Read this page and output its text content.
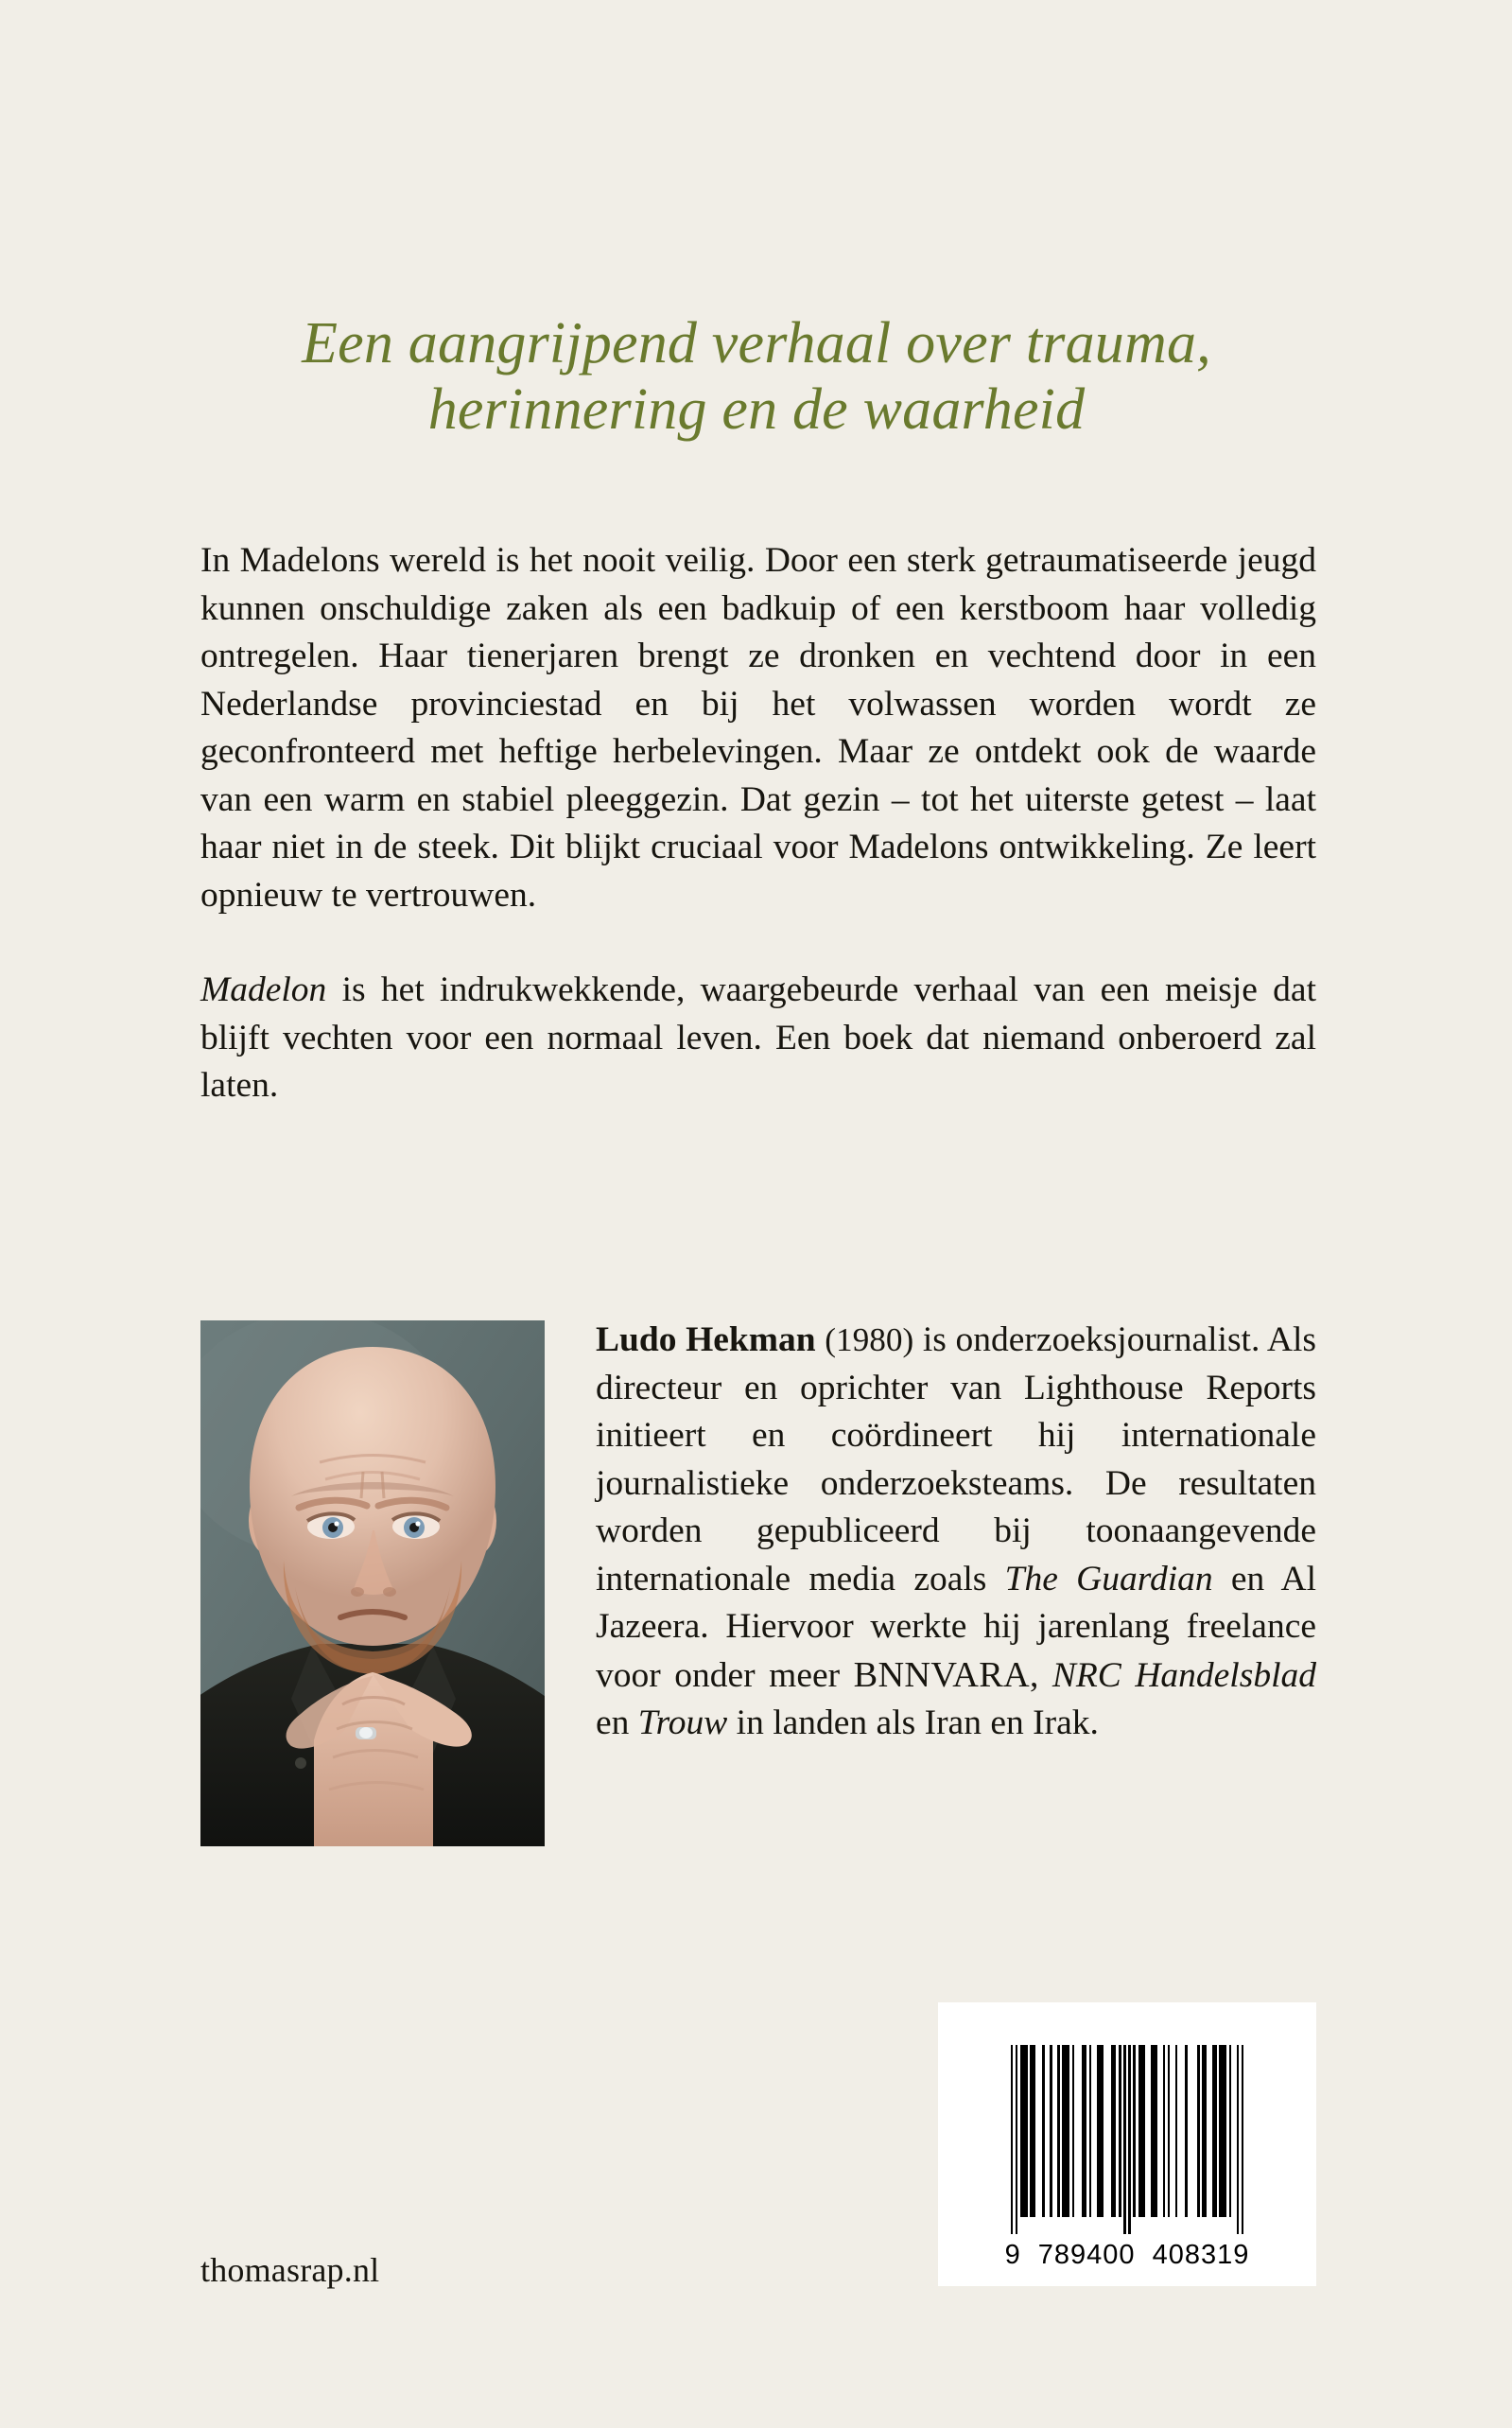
Een aangrijpend verhaal over trauma,
herinnering en de waarheid

In Madelons wereld is het nooit veilig. Door een sterk getraumatiseerde jeugd kunnen onschuldige zaken als een badkuip of een kerstboom haar volledig ontregelen. Haar tienerjaren brengt ze dronken en vechtend door in een Nederlandse provinciestad en bij het volwassen worden wordt ze geconfronteerd met heftige herbelevingen. Maar ze ontdekt ook de waarde van een warm en stabiel pleeggezin. Dat gezin – tot het uiterste getest – laat haar niet in de steek. Dit blijkt cruciaal voor Madelons ontwikkeling. Ze leert opnieuw te vertrouwen.

Madelon is het indrukwekkende, waargebeurde verhaal van een meisje dat blijft vechten voor een normaal leven. Een boek dat niemand onberoerd zal laten.

Ludo Hekman (1980) is onderzoeksjournalist. Als directeur en oprichter van Lighthouse Reports initieert en coördineert hij internationale journalistieke onderzoeksteams. De resultaten worden gepubliceerd bij toonaangevende internationale media zoals The Guardian en Al Jazeera. Hiervoor werkte hij jarenlang freelance voor onder meer BNNVARA, NRC Handelsblad en Trouw in landen als Iran en Irak.
9 789400 408319
thomasrap.nl
